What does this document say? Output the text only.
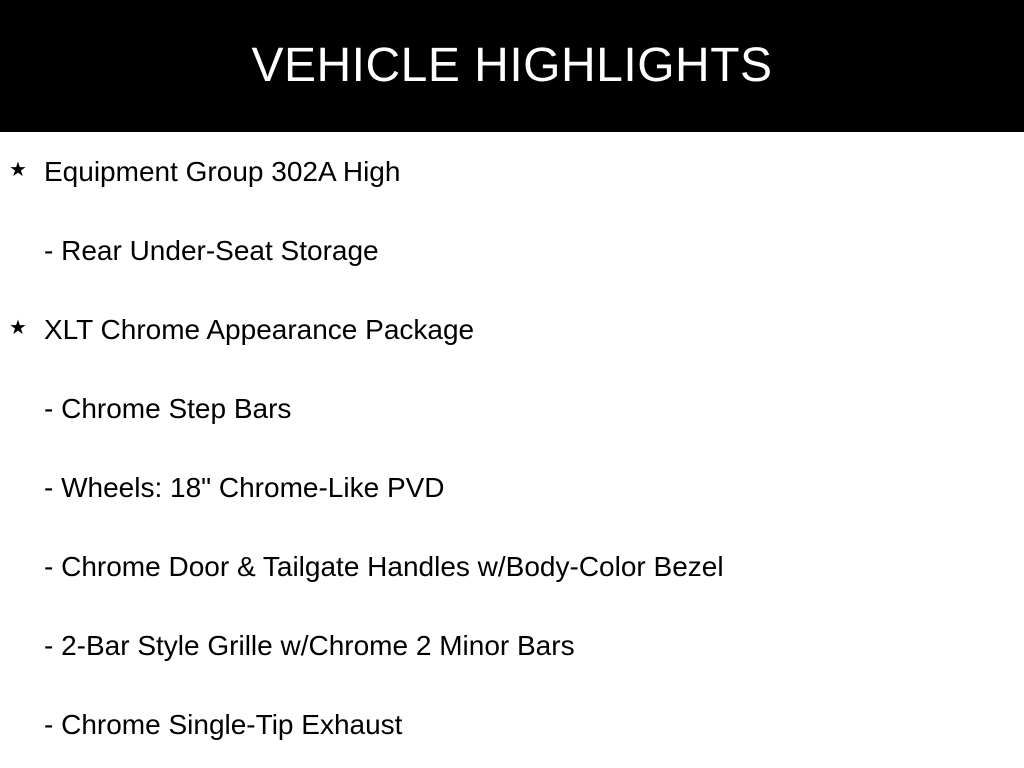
VEHICLE HIGHLIGHTS
★ Equipment Group 302A High
- Rear Under-Seat Storage
★ XLT Chrome Appearance Package
- Chrome Step Bars
- Wheels: 18" Chrome-Like PVD
- Chrome Door & Tailgate Handles w/Body-Color Bezel
- 2-Bar Style Grille w/Chrome 2 Minor Bars
- Chrome Single-Tip Exhaust
